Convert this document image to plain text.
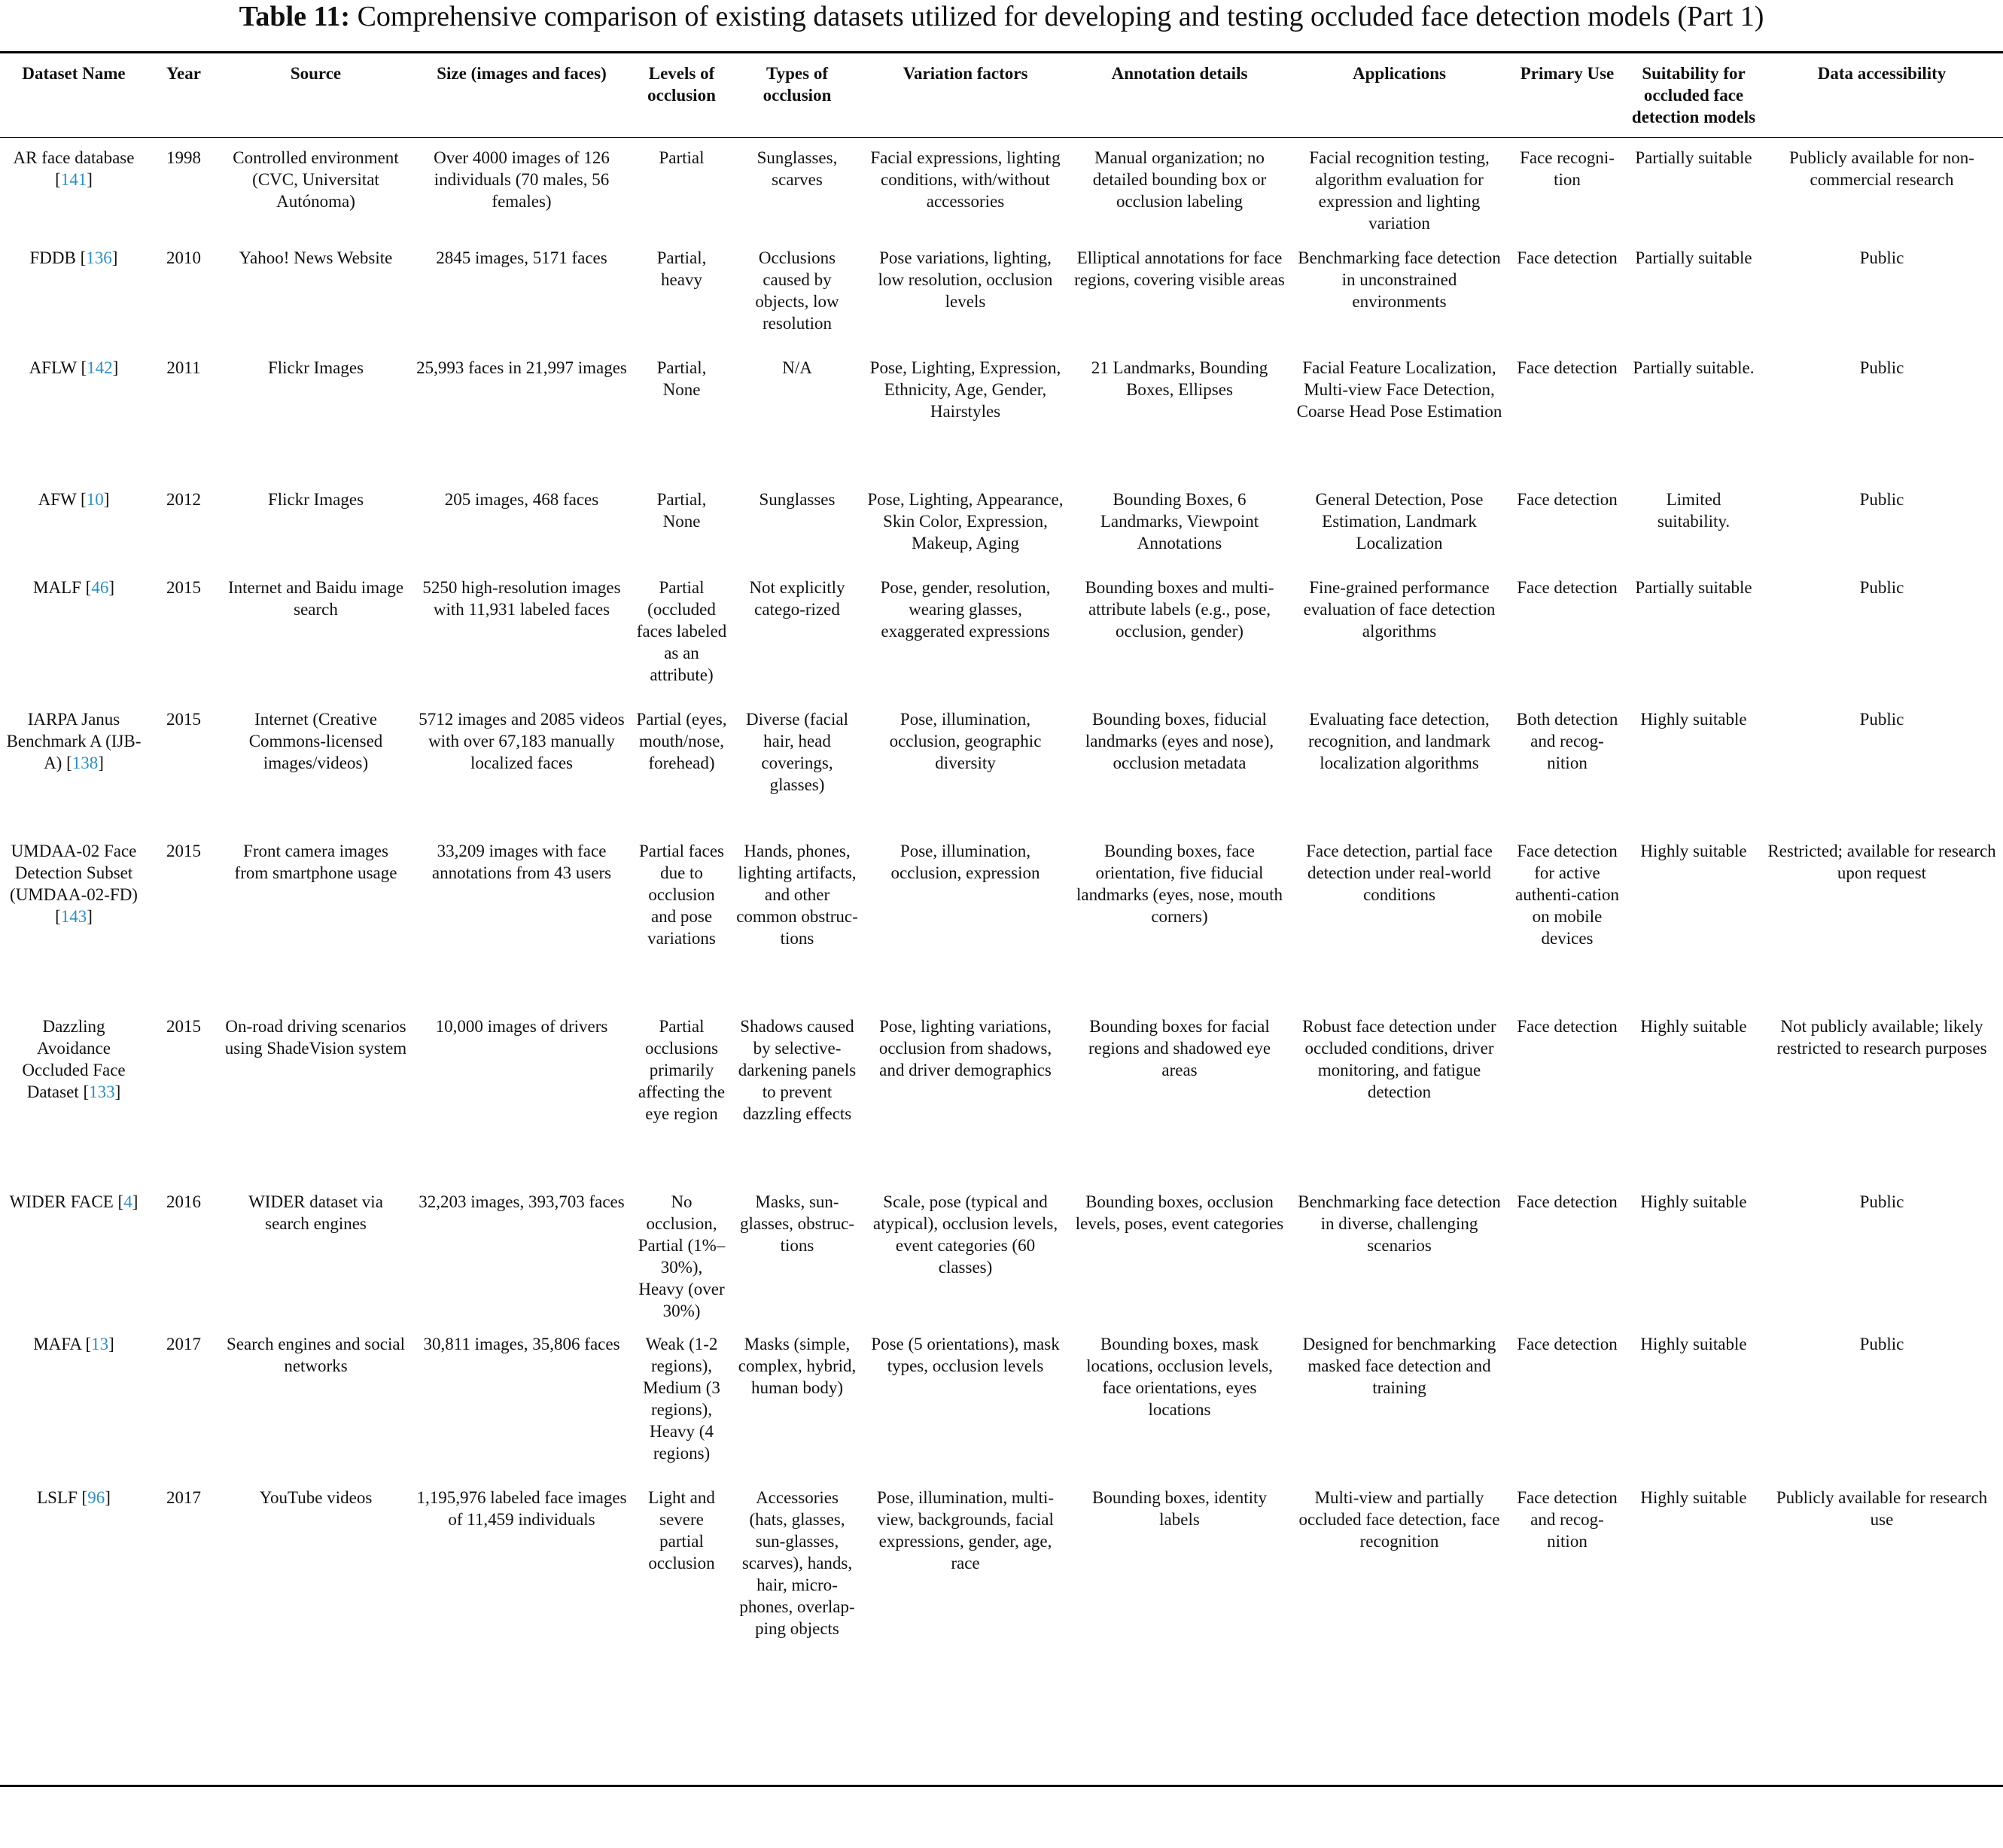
Table 11: Comprehensive comparison of existing datasets utilized for developing and testing occluded face detection models (Part 1)
Dataset Name	Year	Source	Size (images and faces)	Levels of occlusion	Types of occlusion	Variation factors	Annotation details	Applications	Primary Use	Suitability for occluded face detection models	Data accessibility
AR face database [141]	1998	Controlled environment (CVC, Universitat Autónoma)	Over 4000 images of 126 individuals (70 males, 56 females)	Partial	Sunglasses, scarves	Facial expressions, lighting conditions, with/without accessories	Manual organization; no detailed bounding box or occlusion labeling	Facial recognition testing, algorithm evaluation for expression and lighting variation	Face recogni-tion	Partially suitable	Publicly available for non-commercial research
FDDB [136]	2010	Yahoo! News Website	2845 images, 5171 faces	Partial, heavy	Occlusions caused by objects, low resolution	Pose variations, lighting, low resolution, occlusion levels	Elliptical annotations for face regions, covering visible areas	Benchmarking face detection in unconstrained environments	Face detection	Partially suitable	Public
AFLW [142]	2011	Flickr Images	25,993 faces in 21,997 images	Partial, None	N/A	Pose, Lighting, Expression, Ethnicity, Age, Gender, Hairstyles	21 Landmarks, Bounding Boxes, Ellipses	Facial Feature Localization, Multi-view Face Detection, Coarse Head Pose Estimation	Face detection	Partially suitable.	Public
AFW [10]	2012	Flickr Images	205 images, 468 faces	Partial, None	Sunglasses	Pose, Lighting, Appearance, Skin Color, Expression, Makeup, Aging	Bounding Boxes, 6 Landmarks, Viewpoint Annotations	General Detection, Pose Estimation, Landmark Localization	Face detection	Limited suitability.	Public
MALF [46]	2015	Internet and Baidu image search	5250 high-resolution images with 11,931 labeled faces	Partial (occluded faces labeled as an attribute)	Not explicitly catego-rized	Pose, gender, resolution, wearing glasses, exaggerated expressions	Bounding boxes and multi-attribute labels (e.g., pose, occlusion, gender)	Fine-grained performance evaluation of face detection algorithms	Face detection	Partially suitable	Public
IARPA Janus Benchmark A (IJB-A) [138]	2015	Internet (Creative Commons-licensed images/videos)	5712 images and 2085 videos with over 67,183 manually localized faces	Partial (eyes, mouth/nose, forehead)	Diverse (facial hair, head coverings, glasses)	Pose, illumination, occlusion, geographic diversity	Bounding boxes, fiducial landmarks (eyes and nose), occlusion metadata	Evaluating face detection, recognition, and landmark localization algorithms	Both detection and recog-nition	Highly suitable	Public
UMDAA-02 Face Detection Subset (UMDAA-02-FD) [143]	2015	Front camera images from smartphone usage	33,209 images with face annotations from 43 users	Partial faces due to occlusion and pose variations	Hands, phones, lighting artifacts, and other common obstruc-tions	Pose, illumination, occlusion, expression	Bounding boxes, face orientation, five fiducial landmarks (eyes, nose, mouth corners)	Face detection, partial face detection under real-world conditions	Face detection for active authenti-cation on mobile devices	Highly suitable	Restricted; available for research upon request
Dazzling Avoidance Occluded Face Dataset [133]	2015	On-road driving scenarios using ShadeVision system	10,000 images of drivers	Partial occlusions primarily affecting the eye region	Shadows caused by selective-darkening panels to prevent dazzling effects	Pose, lighting variations, occlusion from shadows, and driver demographics	Bounding boxes for facial regions and shadowed eye areas	Robust face detection under occluded conditions, driver monitoring, and fatigue detection	Face detection	Highly suitable	Not publicly available; likely restricted to research purposes
WIDER FACE [4]	2016	WIDER dataset via search engines	32,203 images, 393,703 faces	No occlusion, Partial (1%–30%), Heavy (over 30%)	Masks, sun-glasses, obstruc-tions	Scale, pose (typical and atypical), occlusion levels, event categories (60 classes)	Bounding boxes, occlusion levels, poses, event categories	Benchmarking face detection in diverse, challenging scenarios	Face detection	Highly suitable	Public
MAFA [13]	2017	Search engines and social networks	30,811 images, 35,806 faces	Weak (1-2 regions), Medium (3 regions), Heavy (4 regions)	Masks (simple, complex, hybrid, human body)	Pose (5 orientations), mask types, occlusion levels	Bounding boxes, mask locations, occlusion levels, face orientations, eyes locations	Designed for benchmarking masked face detection and training	Face detection	Highly suitable	Public
LSLF [96]	2017	YouTube videos	1,195,976 labeled face images of 11,459 individuals	Light and severe partial occlusion	Accessories (hats, glasses, sun-glasses, scarves), hands, hair, micro-phones, overlap-ping objects	Pose, illumination, multi-view, backgrounds, facial expressions, gender, age, race	Bounding boxes, identity labels	Multi-view and partially occluded face detection, face recognition	Face detection and recog-nition	Highly suitable	Publicly available for research use
